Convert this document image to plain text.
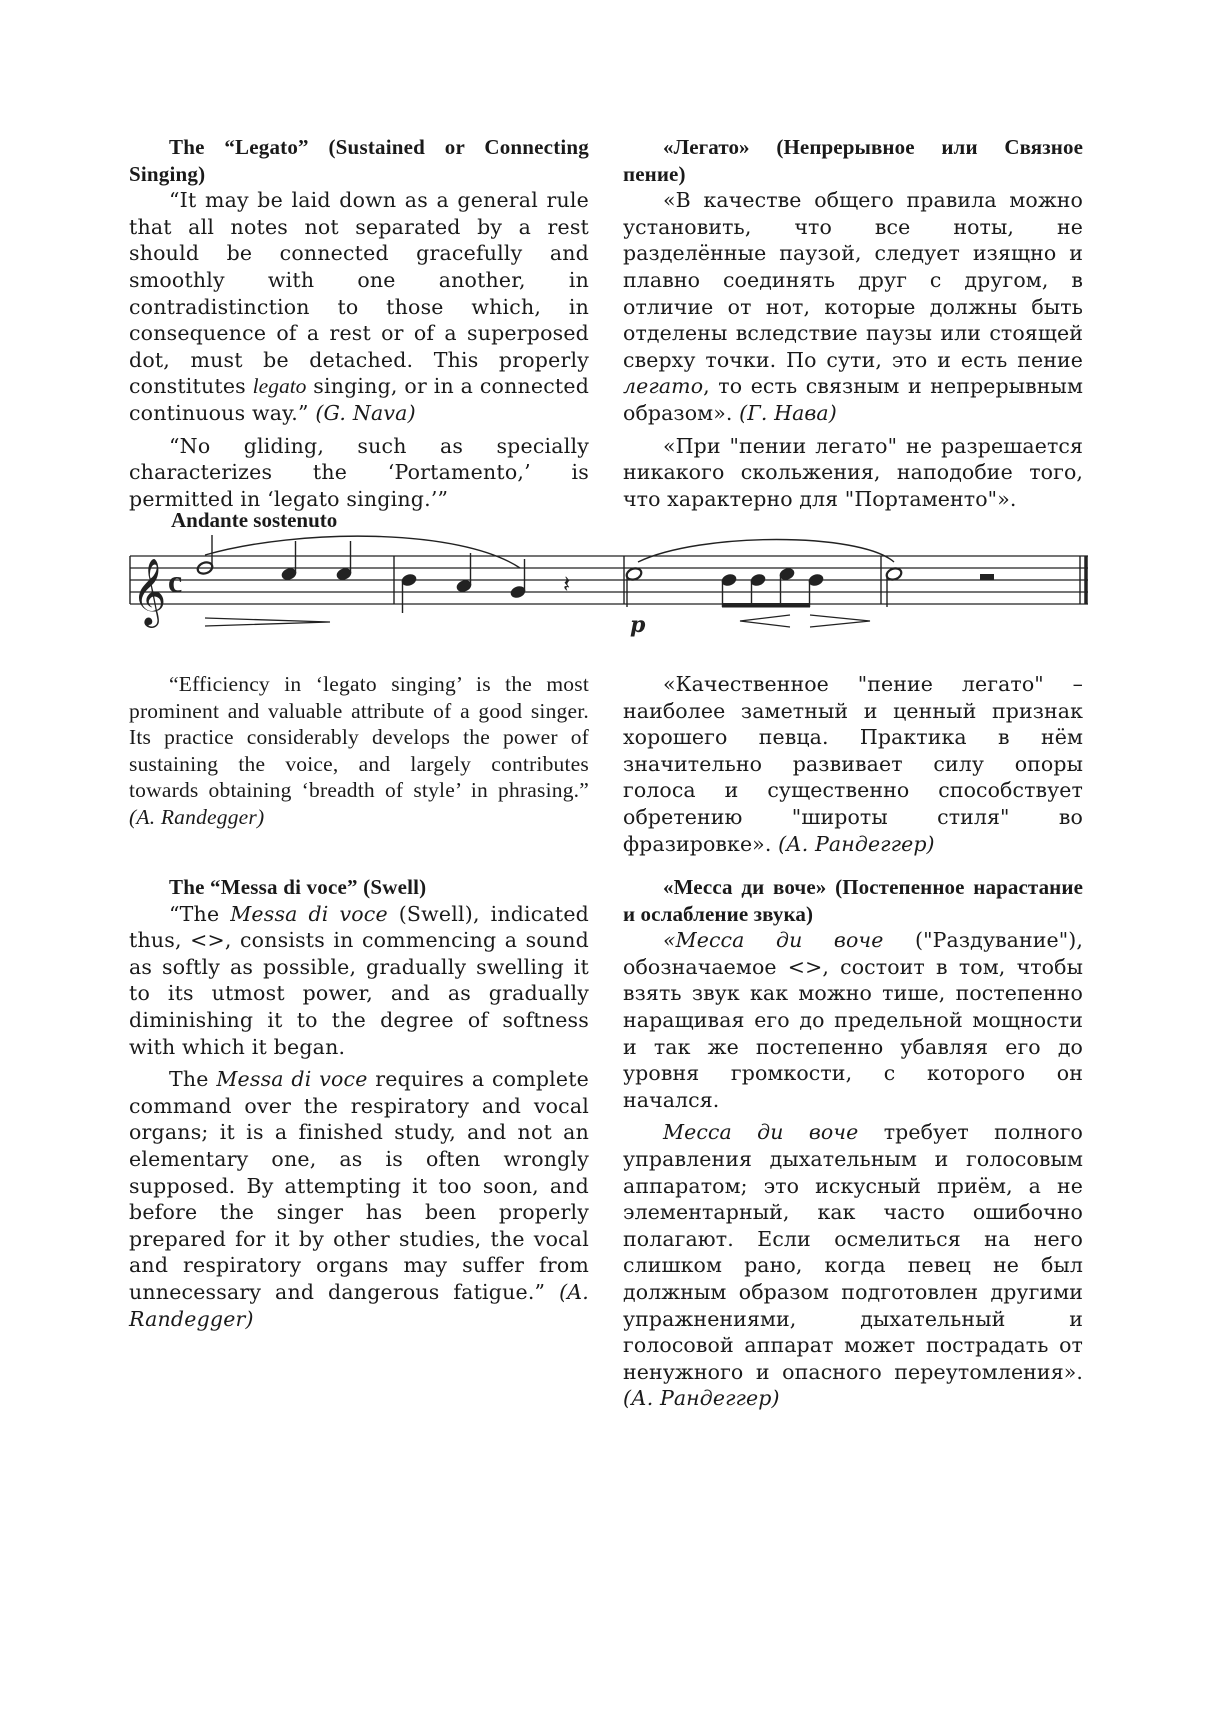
The “Legato” (Sustained or Connecting Singing)

“It may be laid down as a general rule that all notes not separated by a rest should be connected gracefully and smoothly with one another, in contradistinction to those which, in consequence of a rest or of a superposed dot, must be detached. This properly constitutes legato singing, or in a connected continuous way.” (G. Nava)

“No gliding, such as specially characterizes the ‘Portamento,’ is permitted in ‘legato singing.’”

“Efficiency in ‘legato singing’ is the most prominent and valuable attribute of a good singer. Its practice considerably develops the power of sustaining the voice, and largely contributes towards obtaining ‘breadth of style’ in phrasing.” (A. Randegger)

The “Messa di voce” (Swell)

“The Messa di voce (Swell), indicated thus, <>, consists in commencing a sound as softly as possible, gradually swelling it to its utmost power, and as gradually diminishing it to the degree of softness with which it began.

The Messa di voce requires a complete command over the respiratory and vocal organs; it is a finished study, and not an elementary one, as is often wrongly supposed. By attempting it too soon, and before the singer has been properly prepared for it by other studies, the vocal and respiratory organs may suffer from unnecessary and dangerous fatigue.” (A. Randegger)

«Легато» (Непрерывное или Связное пение)

«В качестве общего правила можно установить, что все ноты, не разделённые паузой, следует изящно и плавно соединять друг с другом, в отличие от нот, которые должны быть отделены вследствие паузы или стоящей сверху точки. По сути, это и есть пение легато, то есть связным и непрерывным образом». (Г. Нава)

«При "пении легато" не разрешается никакого скольжения, наподобие того, что характерно для "Портаменто"».

«Качественное "пение легато" – наиболее заметный и ценный признак хорошего певца. Практика в нём значительно развивает силу опоры голоса и существенно способствует обретению "широты стиля" во фразировке». (А. Рандеггер)

«Месса ди воче» (Постепенное нарастание и ослабление звука)

«Месса ди воче ("Раздувание"), обозначаемое <>, состоит в том, чтобы взять звук как можно тише, постепенно наращивая его до предельной мощности и так же постепенно убавляя его до уровня громкости, с которого он начался.

Месса ди воче требует полного управления дыхательным и голосовым аппаратом; это искусный приём, а не элементарный, как часто ошибочно полагают. Если осмелиться на него слишком рано, когда певец не был должным образом подготовлен другими упражнениями, дыхательный и голосовой аппарат может пострадать от ненужного и опасного переутомления». (А. Рандеггер)

Andante sostenuto
𝄞 c	𝄽
p
